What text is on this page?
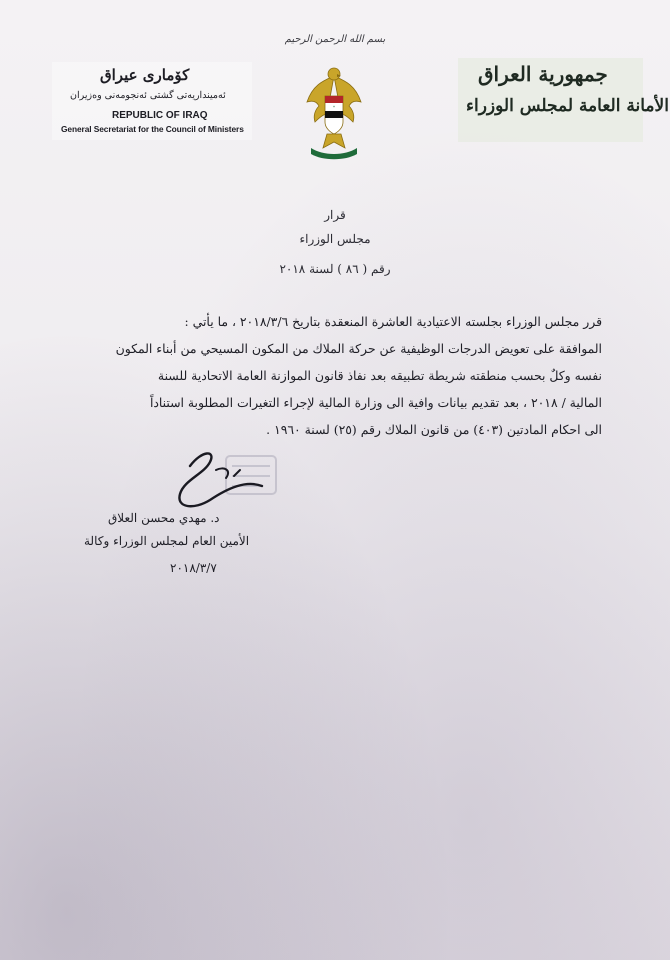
بسم الله الرحمن الرحيم
كۆماری عیراق
ئەمینداریەتی گشتی ئەنجومەنی وەزیران
REPUBLIC OF IRAQ
General Secretariat for the Council of Ministers
*
جمهورية العراق
الأمانة العامة لمجلس الوزراء
قرار
مجلس الوزراء
رقم ( ٨٦ ) لسنة ٢٠١٨
قرر مجلس الوزراء بجلسته الاعتيادية العاشرة المنعقدة بتاريخ ٢٠١٨/٣/٦ ، ما يأتي :
الموافقة على تعويض الدرجات الوظيفية عن حركة الملاك من المكون المسيحي من أبناء المكون
نفسه وكلٌ بحسب منطقته شريطة تطبيقه بعد نفاذ قانون الموازنة العامة الاتحادية للسنة
المالية / ٢٠١٨ ، بعد تقديم بيانات وافية الى وزارة المالية لإجراء التغيرات المطلوبة استناداً
الى احكام المادتين (٤٠٣) من قانون الملاك رقم (٢٥) لسنة ١٩٦٠ .
د. مهدي محسن العلاق
الأمين العام لمجلس الوزراء وكالة
٢٠١٨/٣/٧
